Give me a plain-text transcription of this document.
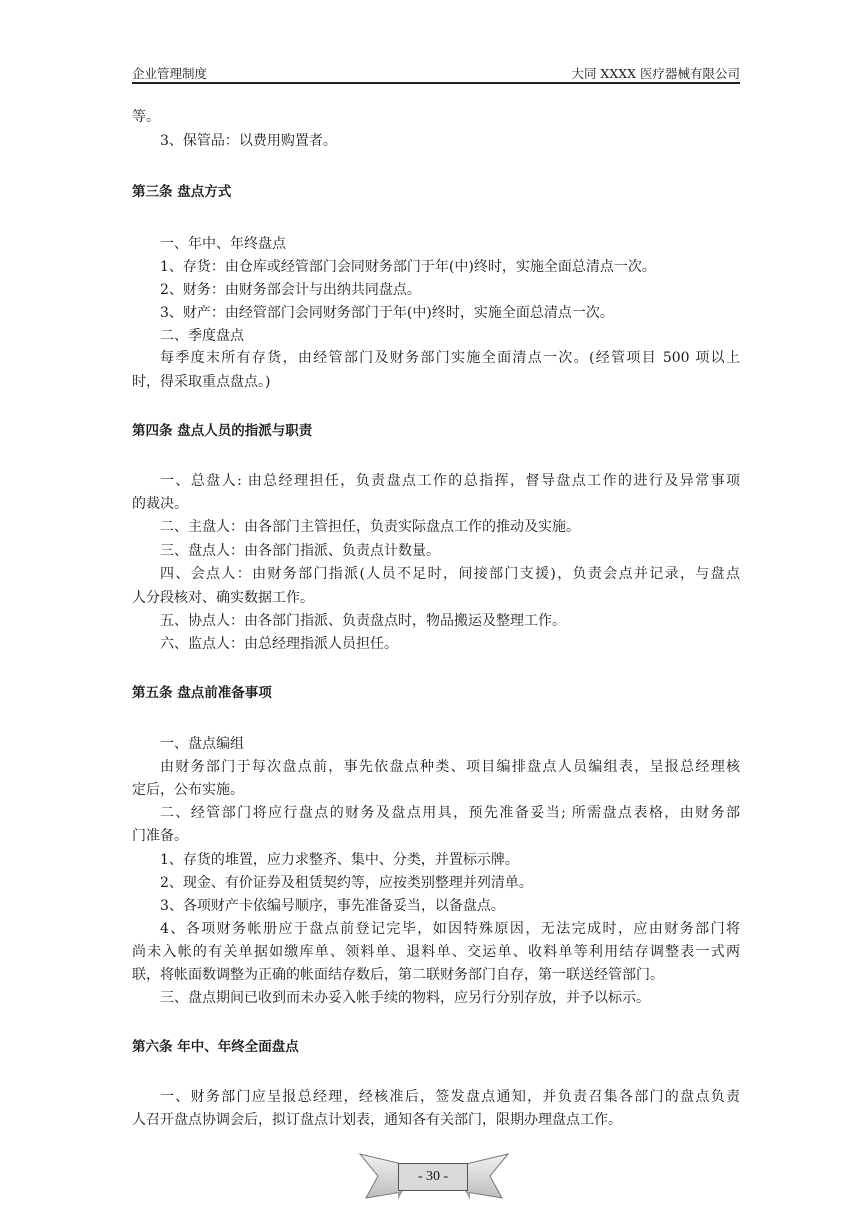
企业管理制度	大同 XXXX 医疗器械有限公司
等。
3、保管品：以费用购置者。
第三条 盘点方式
一、年中、年终盘点
1、存货：由仓库或经管部门会同财务部门于年(中)终时，实施全面总清点一次。
2、财务：由财务部会计与出纳共同盘点。
3、财产：由经管部门会同财务部门于年(中)终时，实施全面总清点一次。
二、季度盘点
每季度末所有存货，由经管部门及财务部门实施全面清点一次。(经管项目 500 项以上
时，得采取重点盘点。)
第四条 盘点人员的指派与职责
一、总盘人: 由总经理担任，负责盘点工作的总指挥，督导盘点工作的进行及异常事项
的裁决。
二、主盘人：由各部门主管担任，负责实际盘点工作的推动及实施。
三、盘点人：由各部门指派、负责点计数量。
四、会点人：由财务部门指派(人员不足时，间接部门支援)，负责会点并记录，与盘点
人分段核对、确实数据工作。
五、协点人：由各部门指派、负责盘点时，物品搬运及整理工作。
六、监点人：由总经理指派人员担任。
第五条 盘点前准备事项
一、盘点编组
由财务部门于每次盘点前，事先依盘点种类、项目编排盘点人员编组表，呈报总经理核
定后，公布实施。
二、经管部门将应行盘点的财务及盘点用具，预先准备妥当; 所需盘点表格，由财务部
门准备。
1、存货的堆置，应力求整齐、集中、分类，并置标示牌。
2、现金、有价证券及租赁契约等，应按类别整理并列清单。
3、各项财产卡依编号顺序，事先准备妥当，以备盘点。
4、各项财务帐册应于盘点前登记完毕，如因特殊原因，无法完成时，应由财务部门将
尚未入帐的有关单据如缴库单、领料单、退料单、交运单、收料单等利用结存调整表一式两
联，将帐面数调整为正确的帐面结存数后，第二联财务部门自存，第一联送经管部门。
三、盘点期间已收到而未办妥入帐手续的物料，应另行分别存放，并予以标示。
第六条 年中、年终全面盘点
一、财务部门应呈报总经理，经核准后，签发盘点通知，并负责召集各部门的盘点负责
人召开盘点协调会后，拟订盘点计划表，通知各有关部门，限期办理盘点工作。
- 30 -
